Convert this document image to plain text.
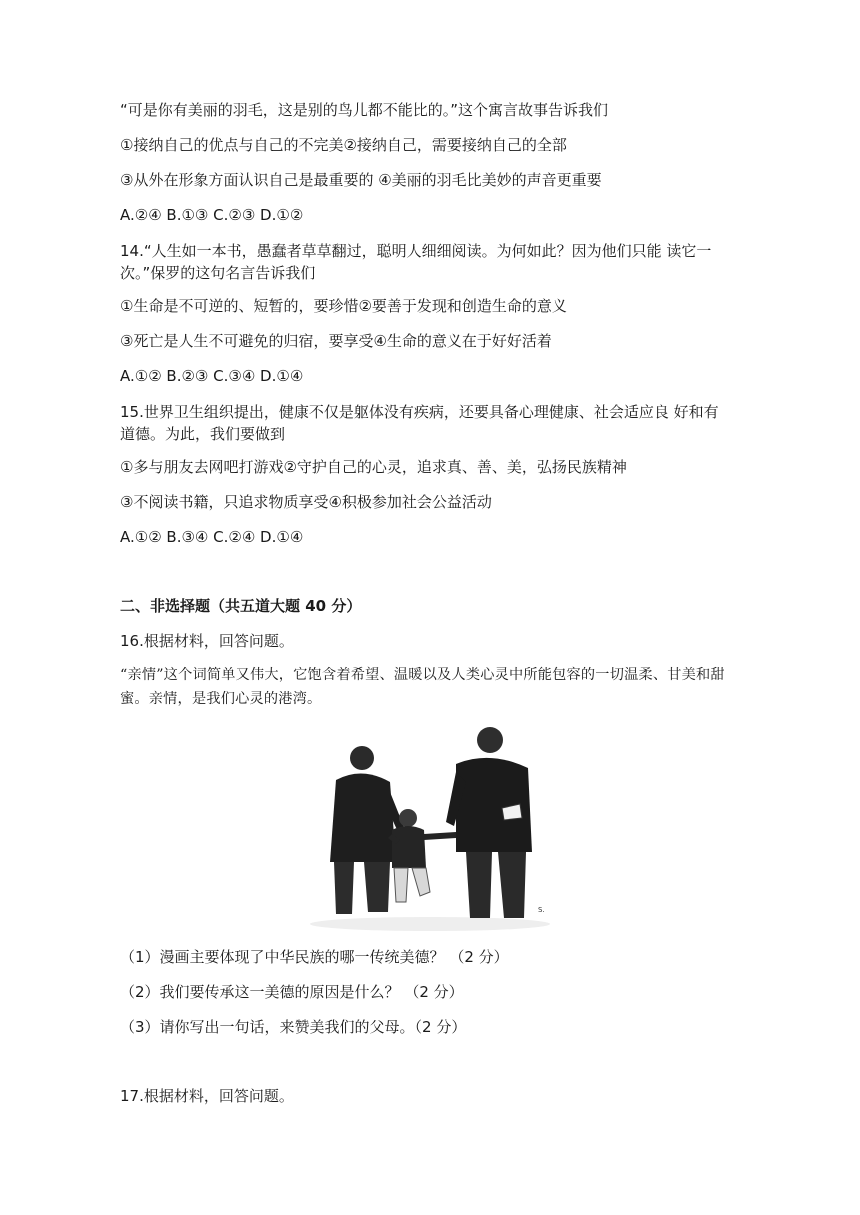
“可是你有美丽的羽毛，这是别的鸟儿都不能比的。”这个寓言故事告诉我们
①接纳自己的优点与自己的不完美②接纳自己，需要接纳自己的全部
③从外在形象方面认识自己是最重要的 ④美丽的羽毛比美妙的声音更重要
A.②④ B.①③ C.②③ D.①②
14.“人生如一本书，愚蠢者草草翻过，聪明人细细阅读。为何如此？因为他们只能 读它一次。”保罗的这句名言告诉我们
①生命是不可逆的、短暂的，要珍惜②要善于发现和创造生命的意义
③死亡是人生不可避免的归宿，要享受④生命的意义在于好好活着
A.①② B.②③ C.③④ D.①④
15.世界卫生组织提出，健康不仅是躯体没有疾病，还要具备心理健康、社会适应良 好和有道德。为此，我们要做到
①多与朋友去网吧打游戏②守护自己的心灵，追求真、善、美，弘扬民族精神
③不阅读书籍，只追求物质享受④积极参加社会公益活动
A.①② B.③④ C.②④ D.①④
二、非选择题（共五道大题 40 分）
16.根据材料，回答问题。
“亲情”这个词简单又伟大，它饱含着希望、温暖以及人类心灵中所能包容的一切温柔、甘美和甜蜜。亲情，是我们心灵的港湾。
S.
（1）漫画主要体现了中华民族的哪一传统美德？ （2 分）
（2）我们要传承这一美德的原因是什么？ （2 分）
（3）请你写出一句话，来赞美我们的父母。（2 分）
17.根据材料，回答问题。
